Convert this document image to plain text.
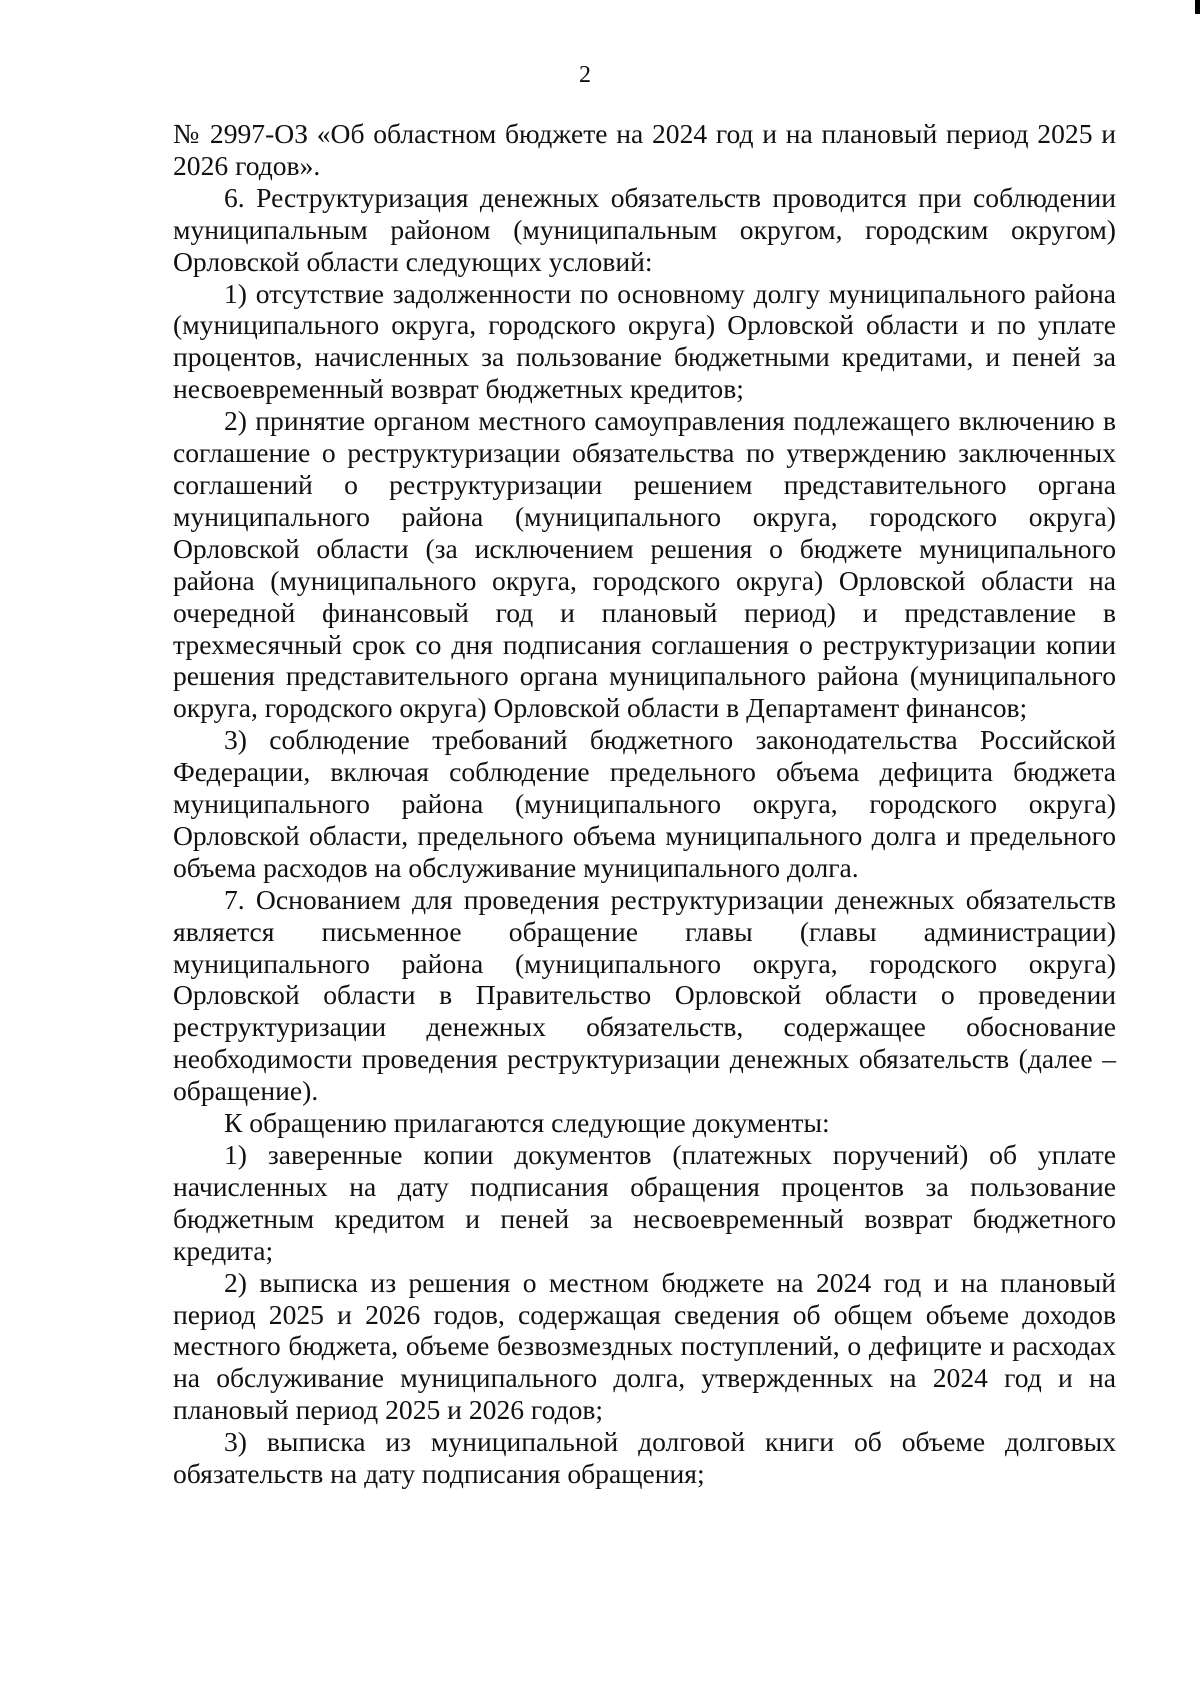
2

№ 2997-ОЗ «Об областном бюджете на 2024 год и на плановый период 2025 и 2026 годов».

6. Реструктуризация денежных обязательств проводится при соблюдении муниципальным районом (муниципальным округом, городским округом) Орловской области следующих условий:

1) отсутствие задолженности по основному долгу муниципального района (муниципального округа, городского округа) Орловской области и по уплате процентов, начисленных за пользование бюджетными кредитами, и пеней за несвоевременный возврат бюджетных кредитов;

2) принятие органом местного самоуправления подлежащего включению в соглашение о реструктуризации обязательства по утверждению заключенных соглашений о реструктуризации решением представительного органа муниципального района (муниципального округа, городского округа) Орловской области (за исключением решения о бюджете муниципального района (муниципального округа, городского округа) Орловской области на очередной финансовый год и плановый период) и представление в трехмесячный срок со дня подписания соглашения о реструктуризации копии решения представительного органа муниципального района (муниципального округа, городского округа) Орловской области в Департамент финансов;

3) соблюдение требований бюджетного законодательства Российской Федерации, включая соблюдение предельного объема дефицита бюджета муниципального района (муниципального округа, городского округа) Орловской области, предельного объема муниципального долга и предельного объема расходов на обслуживание муниципального долга.

7. Основанием для проведения реструктуризации денежных обязательств является письменное обращение главы (главы администрации) муниципального района (муниципального округа, городского округа) Орловской области в Правительство Орловской области о проведении реструктуризации денежных обязательств, содержащее обоснование необходимости проведения реструктуризации денежных обязательств (далее – обращение).

К обращению прилагаются следующие документы:

1) заверенные копии документов (платежных поручений) об уплате начисленных на дату подписания обращения процентов за пользование бюджетным кредитом и пеней за несвоевременный возврат бюджетного кредита;

2) выписка из решения о местном бюджете на 2024 год и на плановый период 2025 и 2026 годов, содержащая сведения об общем объеме доходов местного бюджета, объеме безвозмездных поступлений, о дефиците и расходах на обслуживание муниципального долга, утвержденных на 2024 год и на плановый период 2025 и 2026 годов;

3) выписка из муниципальной долговой книги об объеме долговых обязательств на дату подписания обращения;
